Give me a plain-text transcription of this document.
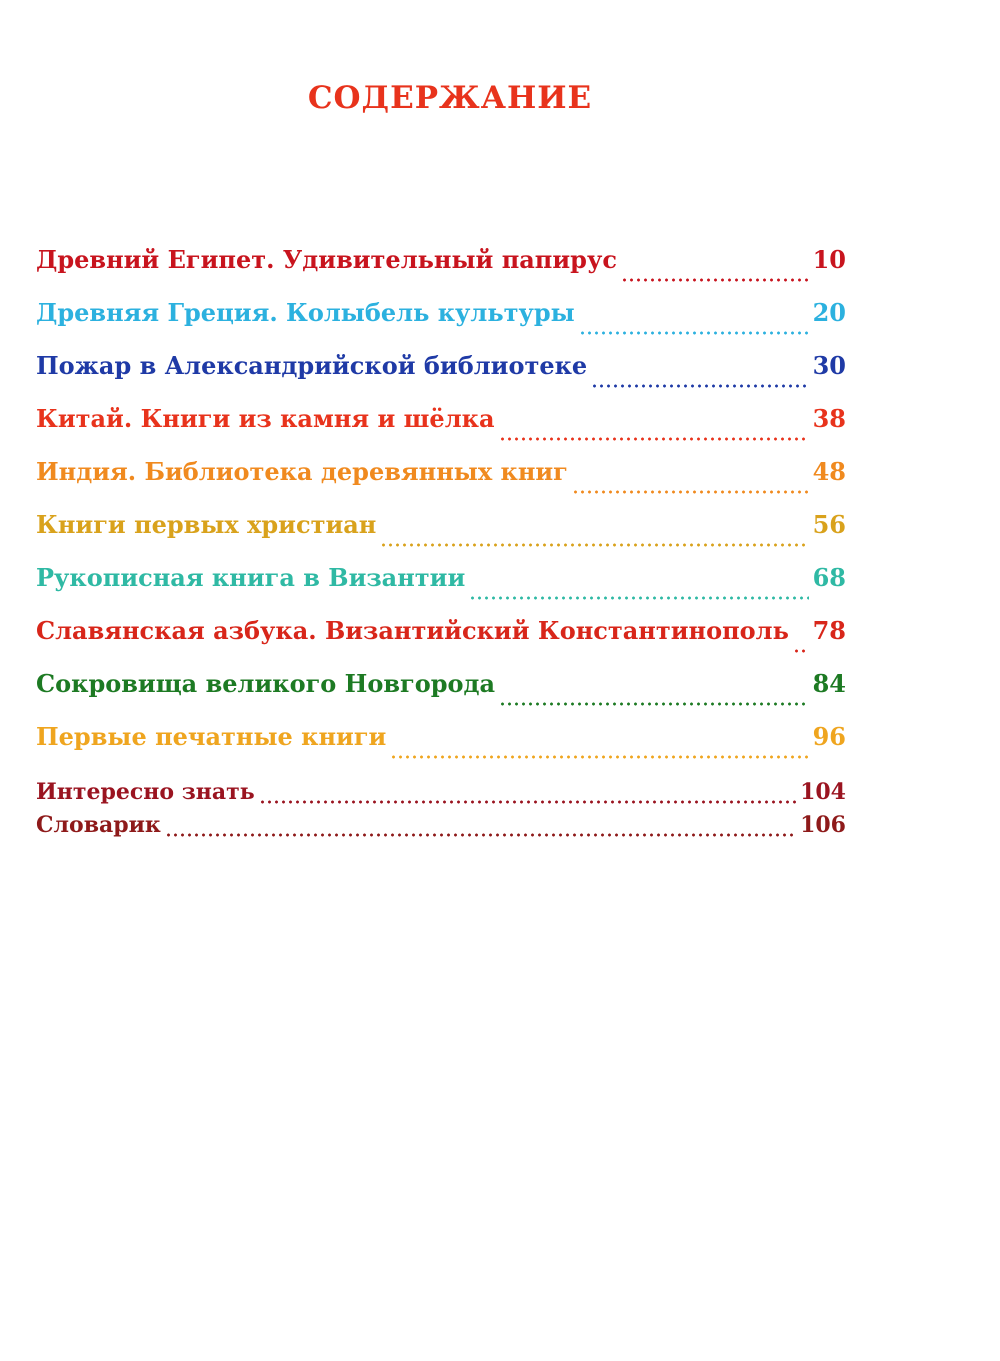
СОДЕРЖАНИЕ
Древний Египет. Удивительный папирус	10
Древняя Греция. Колыбель культуры	20
Пожар в Александрийской библиотеке	30
Китай. Книги из камня и шёлка	38
Индия. Библиотека деревянных книг	48
Книги первых христиан	56
Рукописная книга в Византии	68
Славянская азбука. Византийский Константинополь 78
Сокровища великого Новгорода	84
Первые печатные книги	96
Интересно знать	104
Словарик	106
